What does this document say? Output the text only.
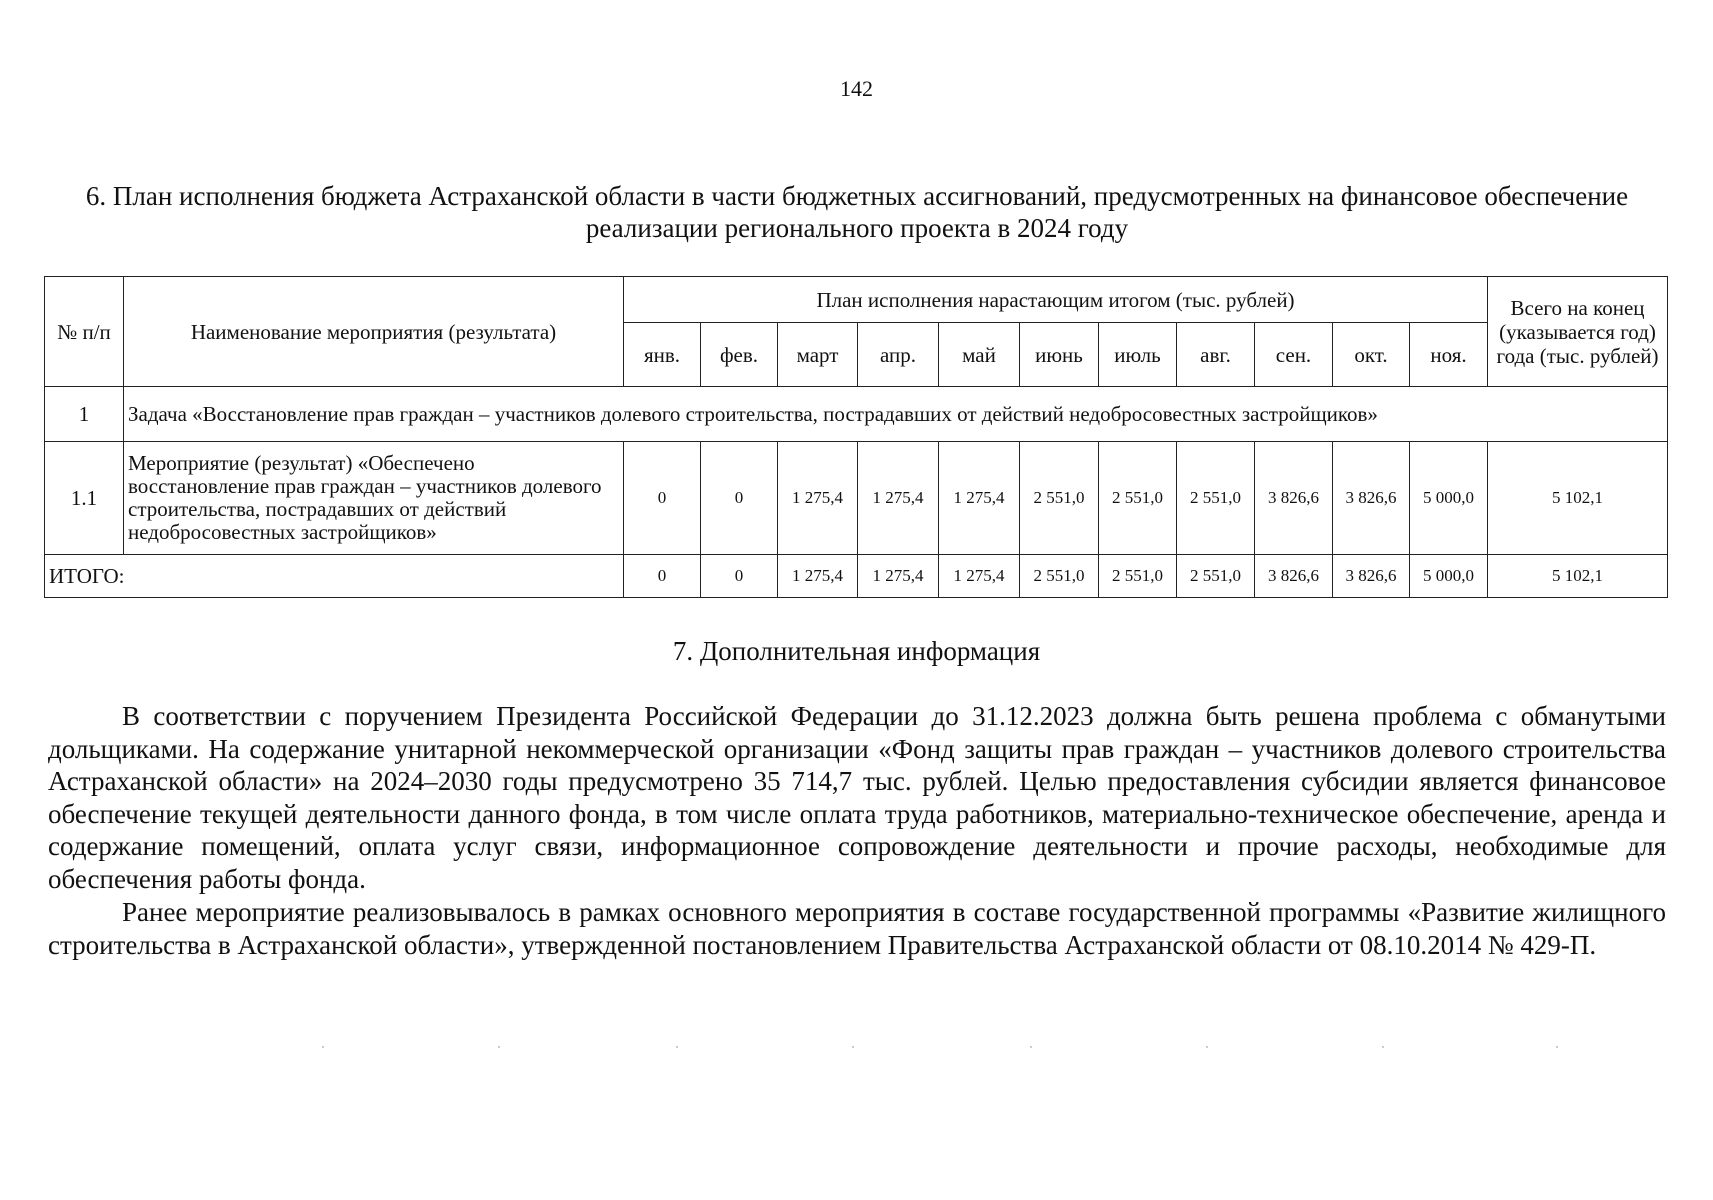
142
6. План исполнения бюджета Астраханской области в части бюджетных ассигнований, предусмотренных на финансовое обеспечение реализации регионального проекта в 2024 году
№ п/п	Наименование мероприятия (результата)	План исполнения нарастающим итогом (тыс. рублей)											Всего на конец (указывается год) года (тыс. рублей)
		янв.	фев.	март	апр.	май	июнь	июль	авг.	сен.	окт.	ноя.	
1	Задача «Восстановление прав граждан – участников долевого строительства, пострадавших от действий недобросовестных застройщиков»												
1.1	Мероприятие (результат) «Обеспечено восстановление прав граждан – участников долевого строительства, пострадавших от действий недобросовестных застройщиков»	0	0	1 275,4	1 275,4	1 275,4	2 551,0	2 551,0	2 551,0	3 826,6	3 826,6	5 000,0	5 102,1
ИТОГО:		0	0	1 275,4	1 275,4	1 275,4	2 551,0	2 551,0	2 551,0	3 826,6	3 826,6	5 000,0	5 102,1
7. Дополнительная информация

В соответствии с поручением Президента Российской Федерации до 31.12.2023 должна быть решена проблема с обманутыми дольщиками. На содержание унитарной некоммерческой организации «Фонд защиты прав граждан – участников долевого строительства Астраханской области» на 2024–2030 годы предусмотрено 35 714,7 тыс. рублей. Целью предоставления субсидии является финансовое обеспечение текущей деятельности данного фонда, в том числе оплата труда работников, материально-техническое обеспечение, аренда и содержание помещений, оплата услуг связи, информационное сопровождение деятельности и прочие расходы, необходимые для обеспечения работы фонда.

Ранее мероприятие реализовывалось в рамках основного мероприятия в составе государственной программы «Развитие жилищного строительства в Астраханской области», утвержденной постановлением Правительства Астраханской области от 08.10.2014 № 429-П.
